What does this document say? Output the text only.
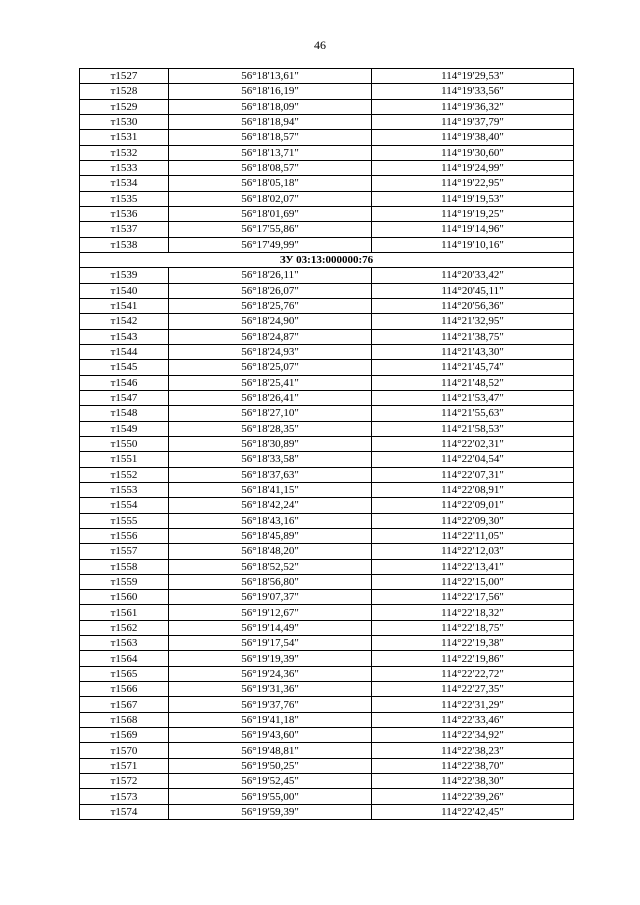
46
т1527	56°18'13,61"	114°19'29,53"
т1528	56°18'16,19"	114°19'33,56"
т1529	56°18'18,09"	114°19'36,32"
т1530	56°18'18,94"	114°19'37,79"
т1531	56°18'18,57"	114°19'38,40"
т1532	56°18'13,71"	114°19'30,60"
т1533	56°18'08,57"	114°19'24,99"
т1534	56°18'05,18"	114°19'22,95"
т1535	56°18'02,07"	114°19'19,53"
т1536	56°18'01,69"	114°19'19,25"
т1537	56°17'55,86"	114°19'14,96"
т1538	56°17'49,99"	114°19'10,16"
ЗУ 03:13:000000:76		
т1539	56°18'26,11"	114°20'33,42"
т1540	56°18'26,07"	114°20'45,11"
т1541	56°18'25,76"	114°20'56,36"
т1542	56°18'24,90"	114°21'32,95"
т1543	56°18'24,87"	114°21'38,75"
т1544	56°18'24,93"	114°21'43,30"
т1545	56°18'25,07"	114°21'45,74"
т1546	56°18'25,41"	114°21'48,52"
т1547	56°18'26,41"	114°21'53,47"
т1548	56°18'27,10"	114°21'55,63"
т1549	56°18'28,35"	114°21'58,53"
т1550	56°18'30,89"	114°22'02,31"
т1551	56°18'33,58"	114°22'04,54"
т1552	56°18'37,63"	114°22'07,31"
т1553	56°18'41,15"	114°22'08,91"
т1554	56°18'42,24"	114°22'09,01"
т1555	56°18'43,16"	114°22'09,30"
т1556	56°18'45,89"	114°22'11,05"
т1557	56°18'48,20"	114°22'12,03"
т1558	56°18'52,52"	114°22'13,41"
т1559	56°18'56,80"	114°22'15,00"
т1560	56°19'07,37"	114°22'17,56"
т1561	56°19'12,67"	114°22'18,32"
т1562	56°19'14,49"	114°22'18,75"
т1563	56°19'17,54"	114°22'19,38"
т1564	56°19'19,39"	114°22'19,86"
т1565	56°19'24,36"	114°22'22,72"
т1566	56°19'31,36"	114°22'27,35"
т1567	56°19'37,76"	114°22'31,29"
т1568	56°19'41,18"	114°22'33,46"
т1569	56°19'43,60"	114°22'34,92"
т1570	56°19'48,81"	114°22'38,23"
т1571	56°19'50,25"	114°22'38,70"
т1572	56°19'52,45"	114°22'38,30"
т1573	56°19'55,00"	114°22'39,26"
т1574	56°19'59,39"	114°22'42,45"
